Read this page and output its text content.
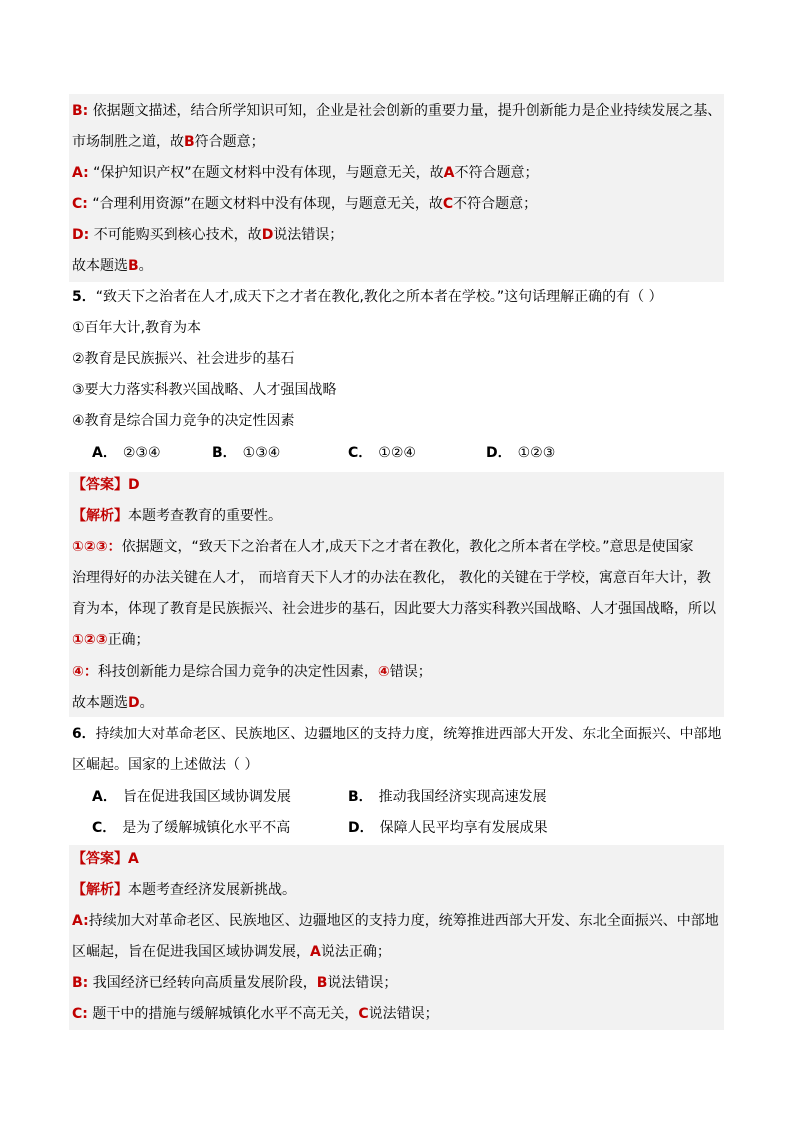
B: 依据题文描述，结合所学知识可知，企业是社会创新的重要力量，提升创新能力是企业持续发展之基、
市场制胜之道，故B符合题意；
A: “保护知识产权”在题文材料中没有体现，与题意无关，故A不符合题意；
C: “合理利用资源”在题文材料中没有体现，与题意无关，故C不符合题意；
D: 不可能购买到核心技术，故D说法错误；
故本题选B。
5．“致天下之治者在人才,成天下之才者在教化,教化之所本者在学校。”这句话理解正确的有（ ）
①百年大计,教育为本
②教育是民族振兴、社会进步的基石
③要大力落实科教兴国战略、人才强国战略
④教育是综合国力竞争的决定性因素
A． ②③④	B． ①③④	C． ①②④	D． ①②③
【答案】D
【解析】本题考查教育的重要性。
①②③：依据题文，“致天下之治者在人才,成天下之才者在教化，教化之所本者在学校。”意思是使国家
治理得好的办法关键在人才， 而培育天下人才的办法在教化， 教化的关键在于学校，寓意百年大计，教
育为本，体现了教育是民族振兴、社会进步的基石，因此要大力落实科教兴国战略、人才强国战略，所以
①②③正确；
④：科技创新能力是综合国力竞争的决定性因素，④错误；
故本题选D。
6．持续加大对革命老区、民族地区、边疆地区的支持力度，统筹推进西部大开发、东北全面振兴、中部地
区崛起。国家的上述做法（ ）
A． 旨在促进我国区域协调发展	B． 推动我国经济实现高速发展
C． 是为了缓解城镇化水平不高	D． 保障人民平均享有发展成果
【答案】A
【解析】本题考查经济发展新挑战。
A:持续加大对革命老区、民族地区、边疆地区的支持力度，统筹推进西部大开发、东北全面振兴、中部地
区崛起，旨在促进我国区域协调发展，A说法正确；
B: 我国经济已经转向高质量发展阶段，B说法错误；
C: 题干中的措施与缓解城镇化水平不高无关，C说法错误；
